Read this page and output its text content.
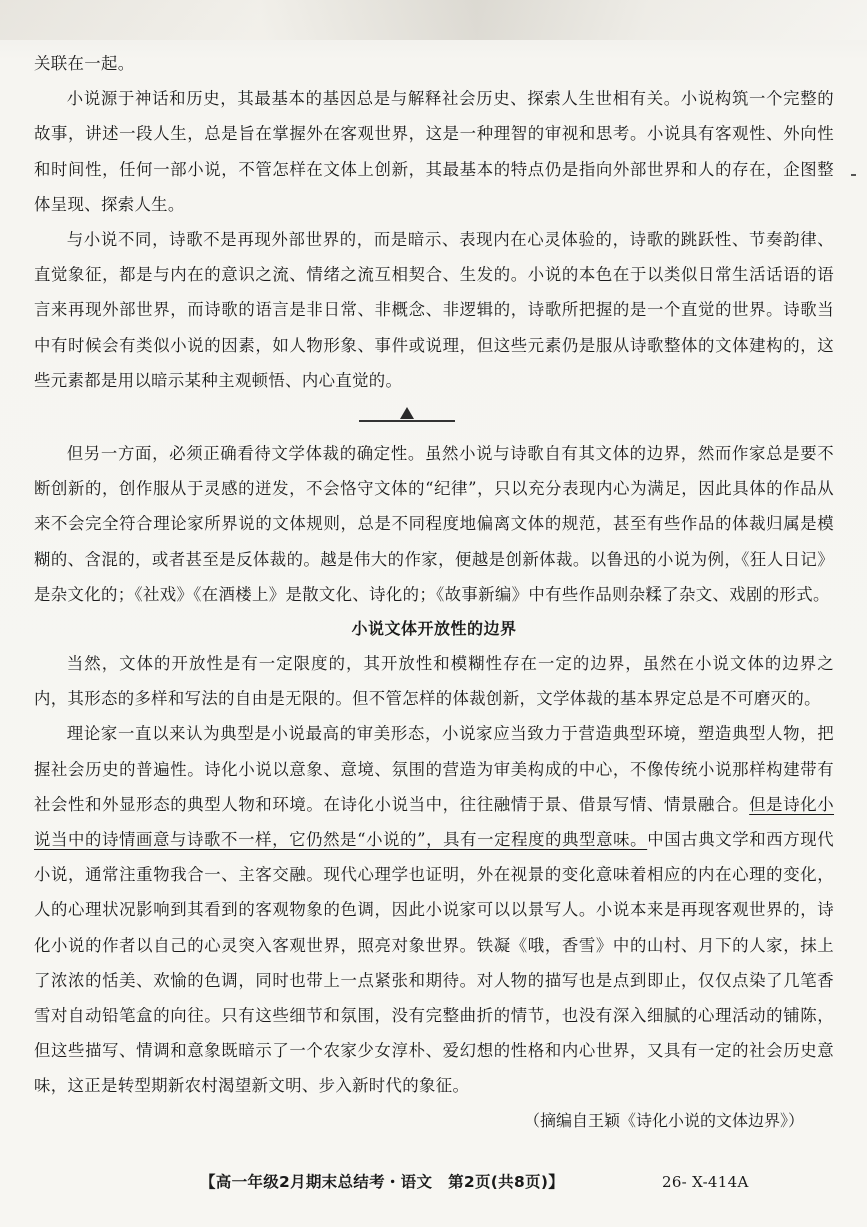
关联在一起。

小说源于神话和历史，其最基本的基因总是与解释社会历史、探索人生世相有关。小说构筑一个完整的故事，讲述一段人生，总是旨在掌握外在客观世界，这是一种理智的审视和思考。小说具有客观性、外向性和时间性，任何一部小说，不管怎样在文体上创新，其最基本的特点仍是指向外部世界和人的存在，企图整体呈现、探索人生。

与小说不同，诗歌不是再现外部世界的，而是暗示、表现内在心灵体验的，诗歌的跳跃性、节奏韵律、直觉象征，都是与内在的意识之流、情绪之流互相契合、生发的。小说的本色在于以类似日常生活话语的语言来再现外部世界，而诗歌的语言是非日常、非概念、非逻辑的，诗歌所把握的是一个直觉的世界。诗歌当中有时候会有类似小说的因素，如人物形象、事件或说理，但这些元素仍是服从诗歌整体的文体建构的，这些元素都是用以暗示某种主观顿悟、内心直觉的。

但另一方面，必须正确看待文学体裁的确定性。虽然小说与诗歌自有其文体的边界，然而作家总是要不断创新的，创作服从于灵感的迸发，不会恪守文体的“纪律”，只以充分表现内心为满足，因此具体的作品从来不会完全符合理论家所界说的文体规则，总是不同程度地偏离文体的规范，甚至有些作品的体裁归属是模糊的、含混的，或者甚至是反体裁的。越是伟大的作家，便越是创新体裁。以鲁迅的小说为例，《狂人日记》是杂文化的；《社戏》《在酒楼上》是散文化、诗化的；《故事新编》中有些作品则杂糅了杂文、戏剧的形式。

小说文体开放性的边界

当然，文体的开放性是有一定限度的，其开放性和模糊性存在一定的边界，虽然在小说文体的边界之内，其形态的多样和写法的自由是无限的。但不管怎样的体裁创新，文学体裁的基本界定总是不可磨灭的。

理论家一直以来认为典型是小说最高的审美形态，小说家应当致力于营造典型环境，塑造典型人物，把握社会历史的普遍性。诗化小说以意象、意境、氛围的营造为审美构成的中心，不像传统小说那样构建带有社会性和外显形态的典型人物和环境。在诗化小说当中，往往融情于景、借景写情、情景融合。但是诗化小说当中的诗情画意与诗歌不一样，它仍然是“小说的”，具有一定程度的典型意味。中国古典文学和西方现代小说，通常注重物我合一、主客交融。现代心理学也证明，外在视景的变化意味着相应的内在心理的变化，人的心理状况影响到其看到的客观物象的色调，因此小说家可以以景写人。小说本来是再现客观世界的，诗化小说的作者以自己的心灵突入客观世界，照亮对象世界。铁凝《哦，香雪》中的山村、月下的人家，抹上了浓浓的恬美、欢愉的色调，同时也带上一点紧张和期待。对人物的描写也是点到即止，仅仅点染了几笔香雪对自动铅笔盒的向往。只有这些细节和氛围，没有完整曲折的情节，也没有深入细腻的心理活动的铺陈，但这些描写、情调和意象既暗示了一个农家少女淳朴、爱幻想的性格和内心世界，又具有一定的社会历史意味，这正是转型期新农村渴望新文明、步入新时代的象征。

（摘编自王颖《诗化小说的文体边界》）

【高一年级2月期末总结考・语文　第2页(共8页)】	26- X-414A
